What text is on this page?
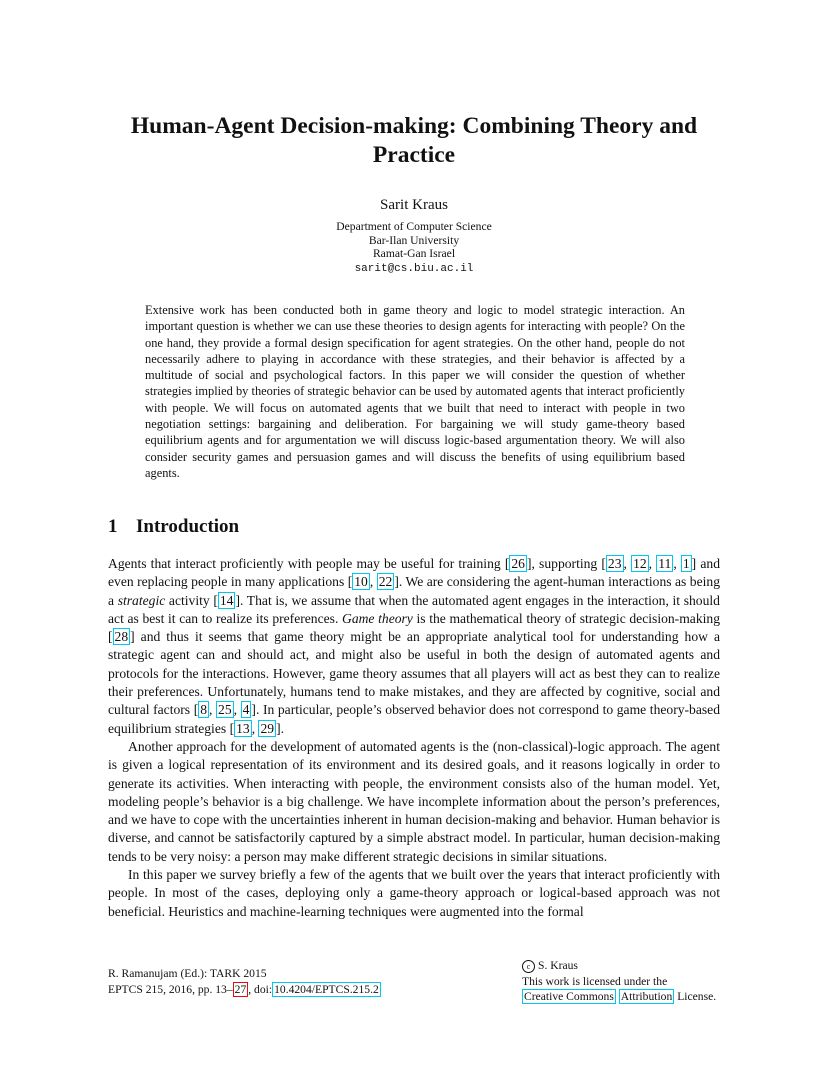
Human-Agent Decision-making: Combining Theory and Practice
Sarit Kraus
Department of Computer Science
Bar-Ilan University
Ramat-Gan Israel
sarit@cs.biu.ac.il

Extensive work has been conducted both in game theory and logic to model strategic interaction. An important question is whether we can use these theories to design agents for interacting with people? On the one hand, they provide a formal design specification for agent strategies. On the other hand, people do not necessarily adhere to playing in accordance with these strategies, and their behavior is affected by a multitude of social and psychological factors. In this paper we will consider the question of whether strategies implied by theories of strategic behavior can be used by automated agents that interact proficiently with people. We will focus on automated agents that we built that need to interact with people in two negotiation settings: bargaining and deliberation. For bargaining we will study game-theory based equilibrium agents and for argumentation we will discuss logic-based argumentation theory. We will also consider security games and persuasion games and will discuss the benefits of using equilibrium based agents.

1 Introduction

Agents that interact proficiently with people may be useful for training [ 26 ], supporting [ 23 , 12 , 11 , 1 ] and even replacing people in many applications [ 10 , 22 ]. We are considering the agent-human interactions as being a strategic activity [ 14 ]. That is, we assume that when the automated agent engages in the interaction, it should act as best it can to realize its preferences. Game theory is the mathematical theory of strategic decision-making [ 28 ] and thus it seems that game theory might be an appropriate analytical tool for understanding how a strategic agent can and should act, and might also be useful in both the design of automated agents and protocols for the interactions. However, game theory assumes that all players will act as best they can to realize their preferences. Unfortunately, humans tend to make mistakes, and they are affected by cognitive, social and cultural factors [ 8 , 25 , 4 ]. In particular, people’s observed behavior does not correspond to game theory-based equilibrium strategies [ 13 , 29 ].

Another approach for the development of automated agents is the (non-classical)-logic approach. The agent is given a logical representation of its environment and its desired goals, and it reasons logically in order to generate its activities. When interacting with people, the environment consists also of the human model. Yet, modeling people’s behavior is a big challenge. We have incomplete information about the person’s preferences, and we have to cope with the uncertainties inherent in human decision-making and behavior. Human behavior is diverse, and cannot be satisfactorily captured by a simple abstract model. In particular, human decision-making tends to be very noisy: a person may make different strategic decisions in similar situations.

In this paper we survey briefly a few of the agents that we built over the years that interact proficiently with people. In most of the cases, deploying only a game-theory approach or logical-based approach was not beneficial. Heuristics and machine-learning techniques were augmented into the formal

R. Ramanujam (Ed.): TARK 2015
EPTCS 215, 2016, pp. 13– 27 , doi: 10.4204/EPTCS.215.2
c S. Kraus
This work is licensed under the
Creative Commons Attribution License.
